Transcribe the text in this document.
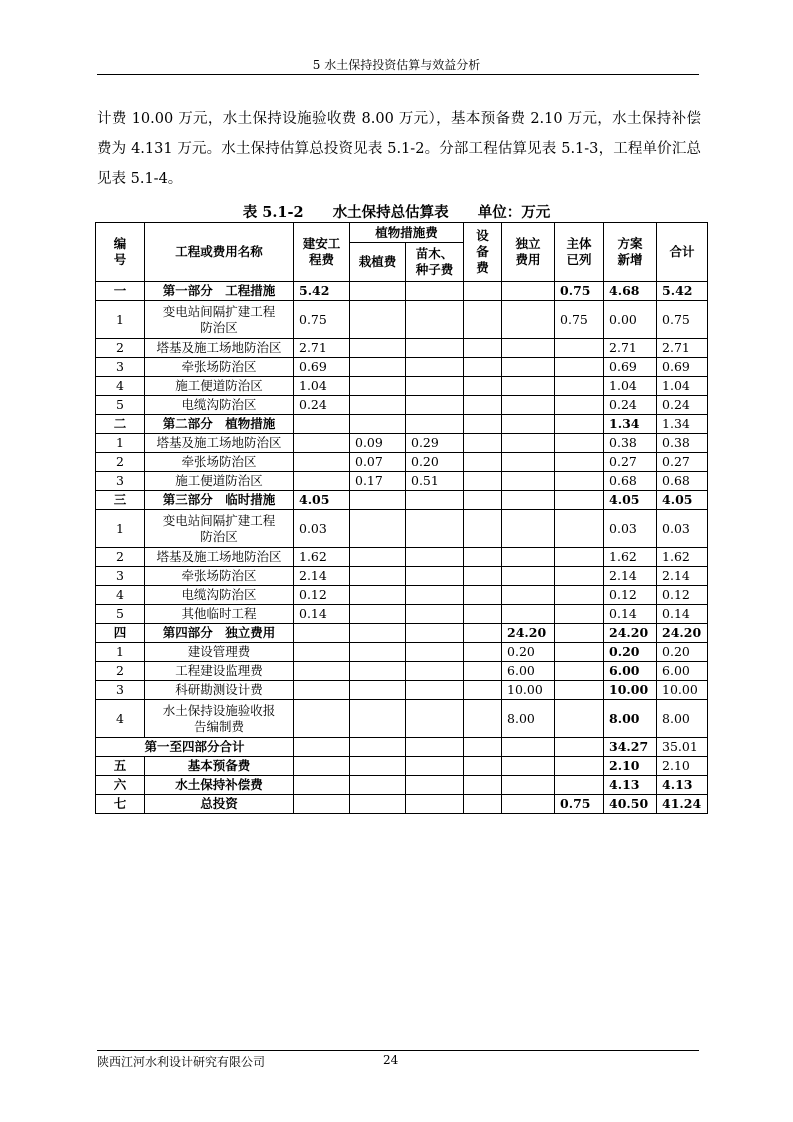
5 水土保持投资估算与效益分析

计费 10.00 万元，水土保持设施验收费 8.00 万元），基本预备费 2.10 万元，水土保持补偿费为 4.131 万元。水土保持估算总投资见表 5.1-2。分部工程估算见表 5.1-3，工程单价汇总见表 5.1-4。

表 5.1-2 水土保持总估算表 单位：万元
编号	工程或费用名称	建安工程费	植物措施费		设备费	独立费用	主体已列	方案新增	合计
			栽植费	苗木、种子费					
一	第一部分　工程措施	5.42					0.75	4.68	5.42
1	变电站间隔扩建工程防治区	0.75					0.75	0.00	0.75
2	塔基及施工场地防治区	2.71						2.71	2.71
3	牵张场防治区	0.69						0.69	0.69
4	施工便道防治区	1.04						1.04	1.04
5	电缆沟防治区	0.24						0.24	0.24
二	第二部分　植物措施							1.34	1.34
1	塔基及施工场地防治区		0.09	0.29				0.38	0.38
2	牵张场防治区		0.07	0.20				0.27	0.27
3	施工便道防治区		0.17	0.51				0.68	0.68
三	第三部分　临时措施	4.05						4.05	4.05
1	变电站间隔扩建工程防治区	0.03						0.03	0.03
2	塔基及施工场地防治区	1.62						1.62	1.62
3	牵张场防治区	2.14						2.14	2.14
4	电缆沟防治区	0.12						0.12	0.12
5	其他临时工程	0.14						0.14	0.14
四	第四部分　独立费用					24.20		24.20	24.20
1	建设管理费					0.20		0.20	0.20
2	工程建设监理费					6.00		6.00	6.00
3	科研勘测设计费					10.00		10.00	10.00
4	水土保持设施验收报告编制费					8.00		8.00	8.00
第一至四部分合计								34.27	35.01
五	基本预备费							2.10	2.10
六	水土保持补偿费							4.13	4.13
七	总投资						0.75	40.50	41.24
陕西江河水利设计研究有限公司	24
